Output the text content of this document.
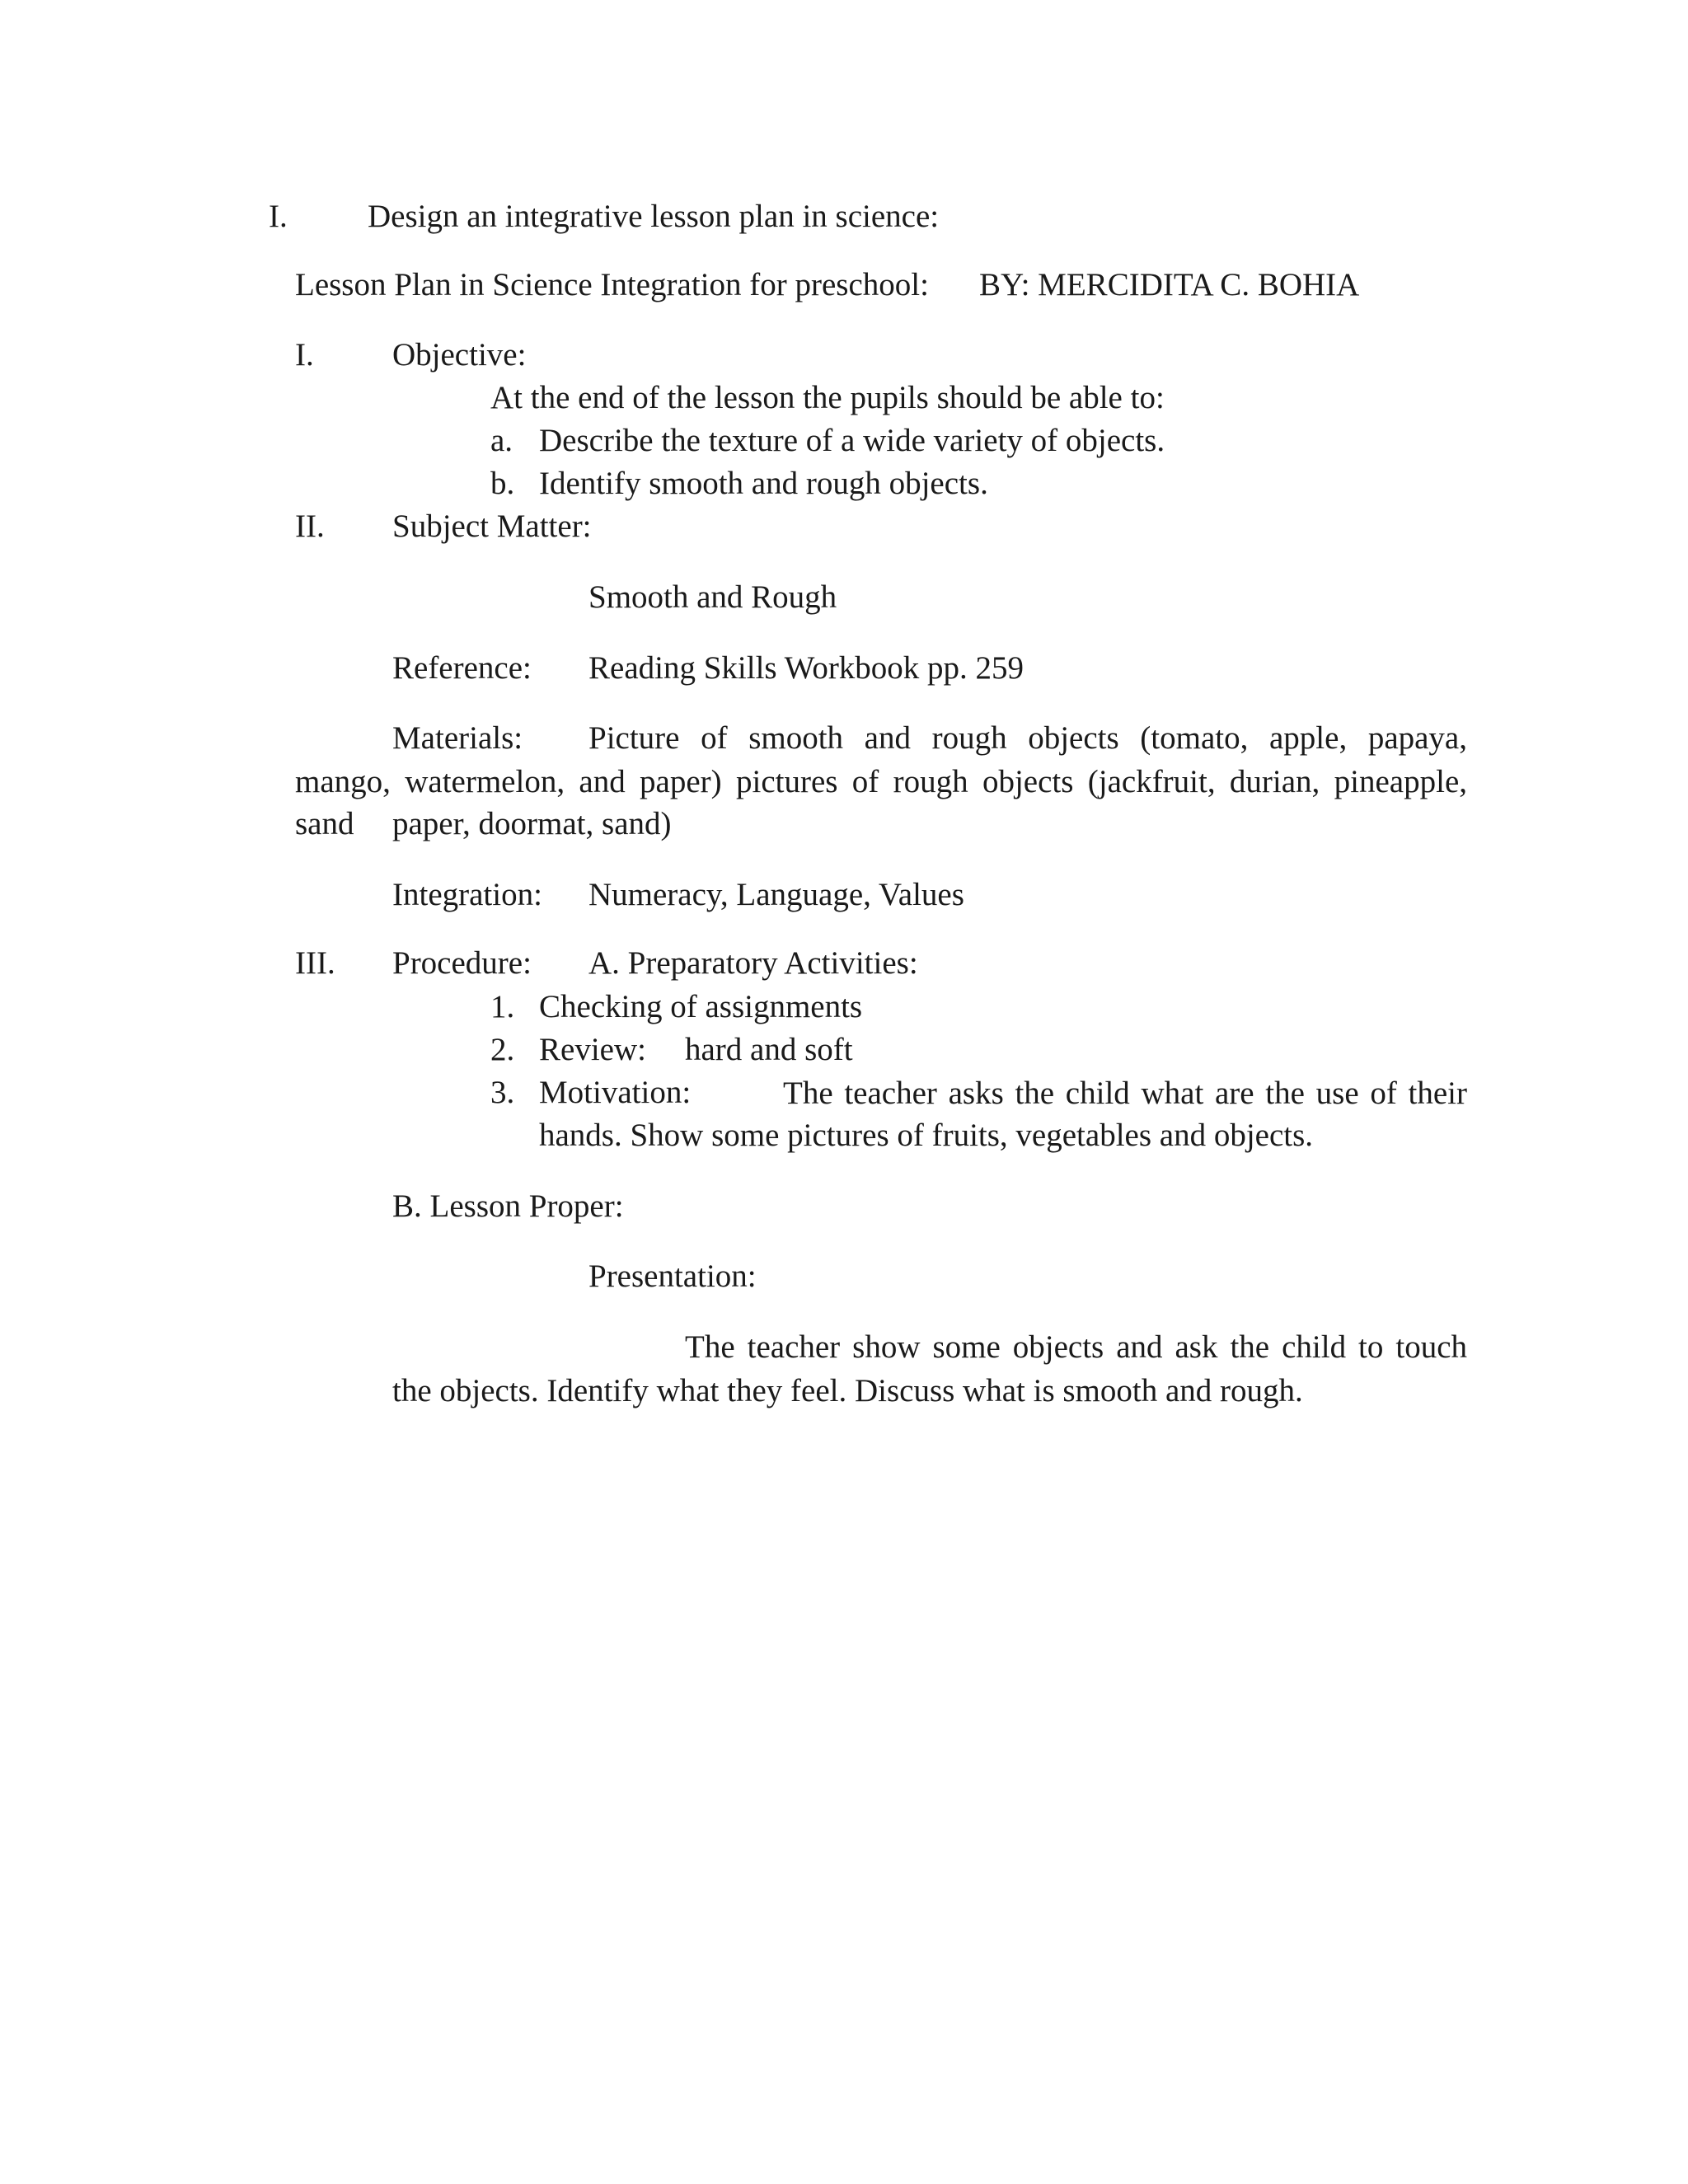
I. Design an integrative lesson plan in science:

Lesson Plan in Science Integration for preschool: BY: MERCIDITA C. BOHIA

I. Objective:

At the end of the lesson the pupils should be able to:

a. Describe the texture of a wide variety of objects.

b. Identify smooth and rough objects.

II. Subject Matter:

Smooth and Rough

Reference: Reading Skills Workbook pp. 259

Materials: Picture of smooth and rough objects (tomato, apple, papaya,

mango, watermelon, and paper) pictures of rough objects (jackfruit, durian, pineapple,

sand paper, doormat, sand)

Integration: Numeracy, Language, Values

III. Procedure: A. Preparatory Activities:

1. Checking of assignments

2. Review: hard and soft

3. Motivation:	The teacher asks the child what are the use of their

hands. Show some pictures of fruits, vegetables and objects.

B. Lesson Proper:

Presentation:

The teacher show some objects and ask the child to touch

the objects. Identify what they feel. Discuss what is smooth and rough.
